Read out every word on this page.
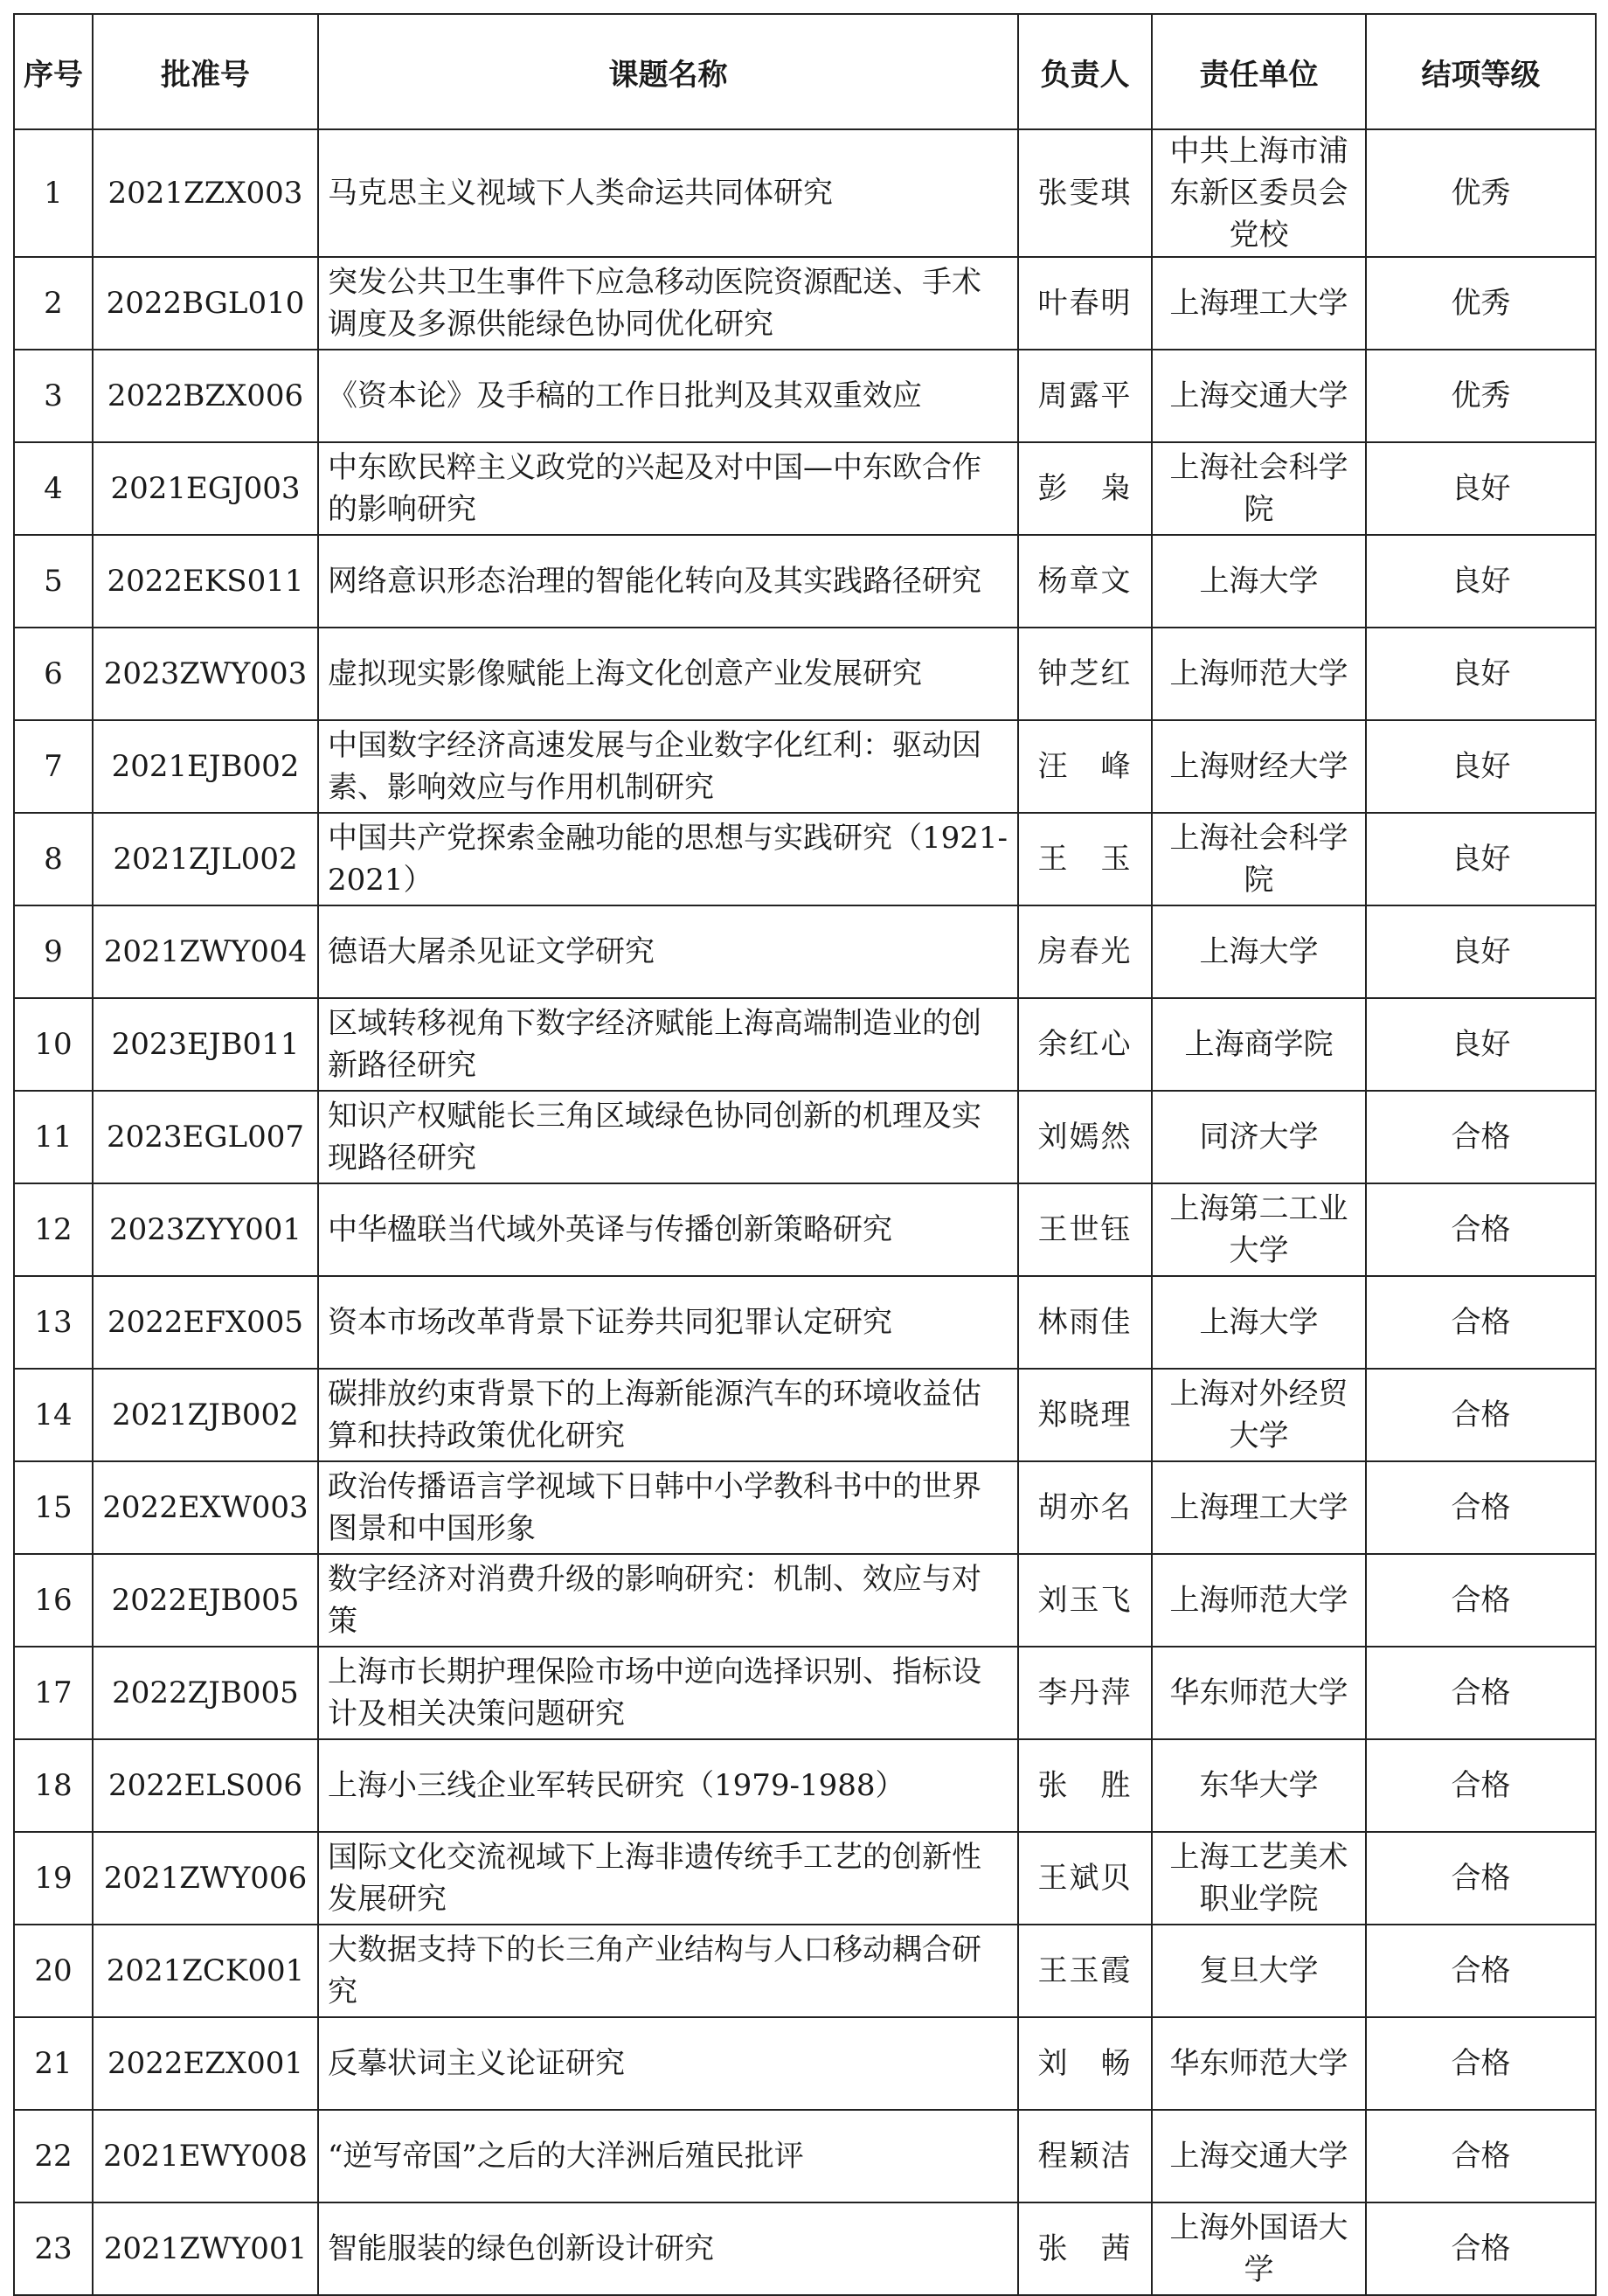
序号	批准号	课题名称	负责人	责任单位	结项等级
1	2021ZZX003	马克思主义视域下人类命运共同体研究	张雯琪	中共上海市浦东新区委员会党校	优秀
2	2022BGL010	突发公共卫生事件下应急移动医院资源配送、手术调度及多源供能绿色协同优化研究	叶春明	上海理工大学	优秀
3	2022BZX006	《资本论》及手稿的工作日批判及其双重效应	周露平	上海交通大学	优秀
4	2021EGJ003	中东欧民粹主义政党的兴起及对中国—中东欧合作的影响研究	彭　枭	上海社会科学院	良好
5	2022EKS011	网络意识形态治理的智能化转向及其实践路径研究	杨章文	上海大学	良好
6	2023ZWY003	虚拟现实影像赋能上海文化创意产业发展研究	钟芝红	上海师范大学	良好
7	2021EJB002	中国数字经济高速发展与企业数字化红利：驱动因素、影响效应与作用机制研究	汪　峰	上海财经大学	良好
8	2021ZJL002	中国共产党探索金融功能的思想与实践研究（1921-2021）	王　玉	上海社会科学院	良好
9	2021ZWY004	德语大屠杀见证文学研究	房春光	上海大学	良好
10	2023EJB011	区域转移视角下数字经济赋能上海高端制造业的创新路径研究	余红心	上海商学院	良好
11	2023EGL007	知识产权赋能长三角区域绿色协同创新的机理及实现路径研究	刘嫣然	同济大学	合格
12	2023ZYY001	中华楹联当代域外英译与传播创新策略研究	王世钰	上海第二工业大学	合格
13	2022EFX005	资本市场改革背景下证券共同犯罪认定研究	林雨佳	上海大学	合格
14	2021ZJB002	碳排放约束背景下的上海新能源汽车的环境收益估算和扶持政策优化研究	郑晓理	上海对外经贸大学	合格
15	2022EXW003	政治传播语言学视域下日韩中小学教科书中的世界图景和中国形象	胡亦名	上海理工大学	合格
16	2022EJB005	数字经济对消费升级的影响研究：机制、效应与对策	刘玉飞	上海师范大学	合格
17	2022ZJB005	上海市长期护理保险市场中逆向选择识别、指标设计及相关决策问题研究	李丹萍	华东师范大学	合格
18	2022ELS006	上海小三线企业军转民研究（1979-1988）	张　胜	东华大学	合格
19	2021ZWY006	国际文化交流视域下上海非遗传统手工艺的创新性发展研究	王斌贝	上海工艺美术职业学院	合格
20	2021ZCK001	大数据支持下的长三角产业结构与人口移动耦合研究	王玉霞	复旦大学	合格
21	2022EZX001	反摹状词主义论证研究	刘　畅	华东师范大学	合格
22	2021EWY008	“逆写帝国”之后的大洋洲后殖民批评	程颖洁	上海交通大学	合格
23	2021ZWY001	智能服装的绿色创新设计研究	张　茜	上海外国语大学	合格
